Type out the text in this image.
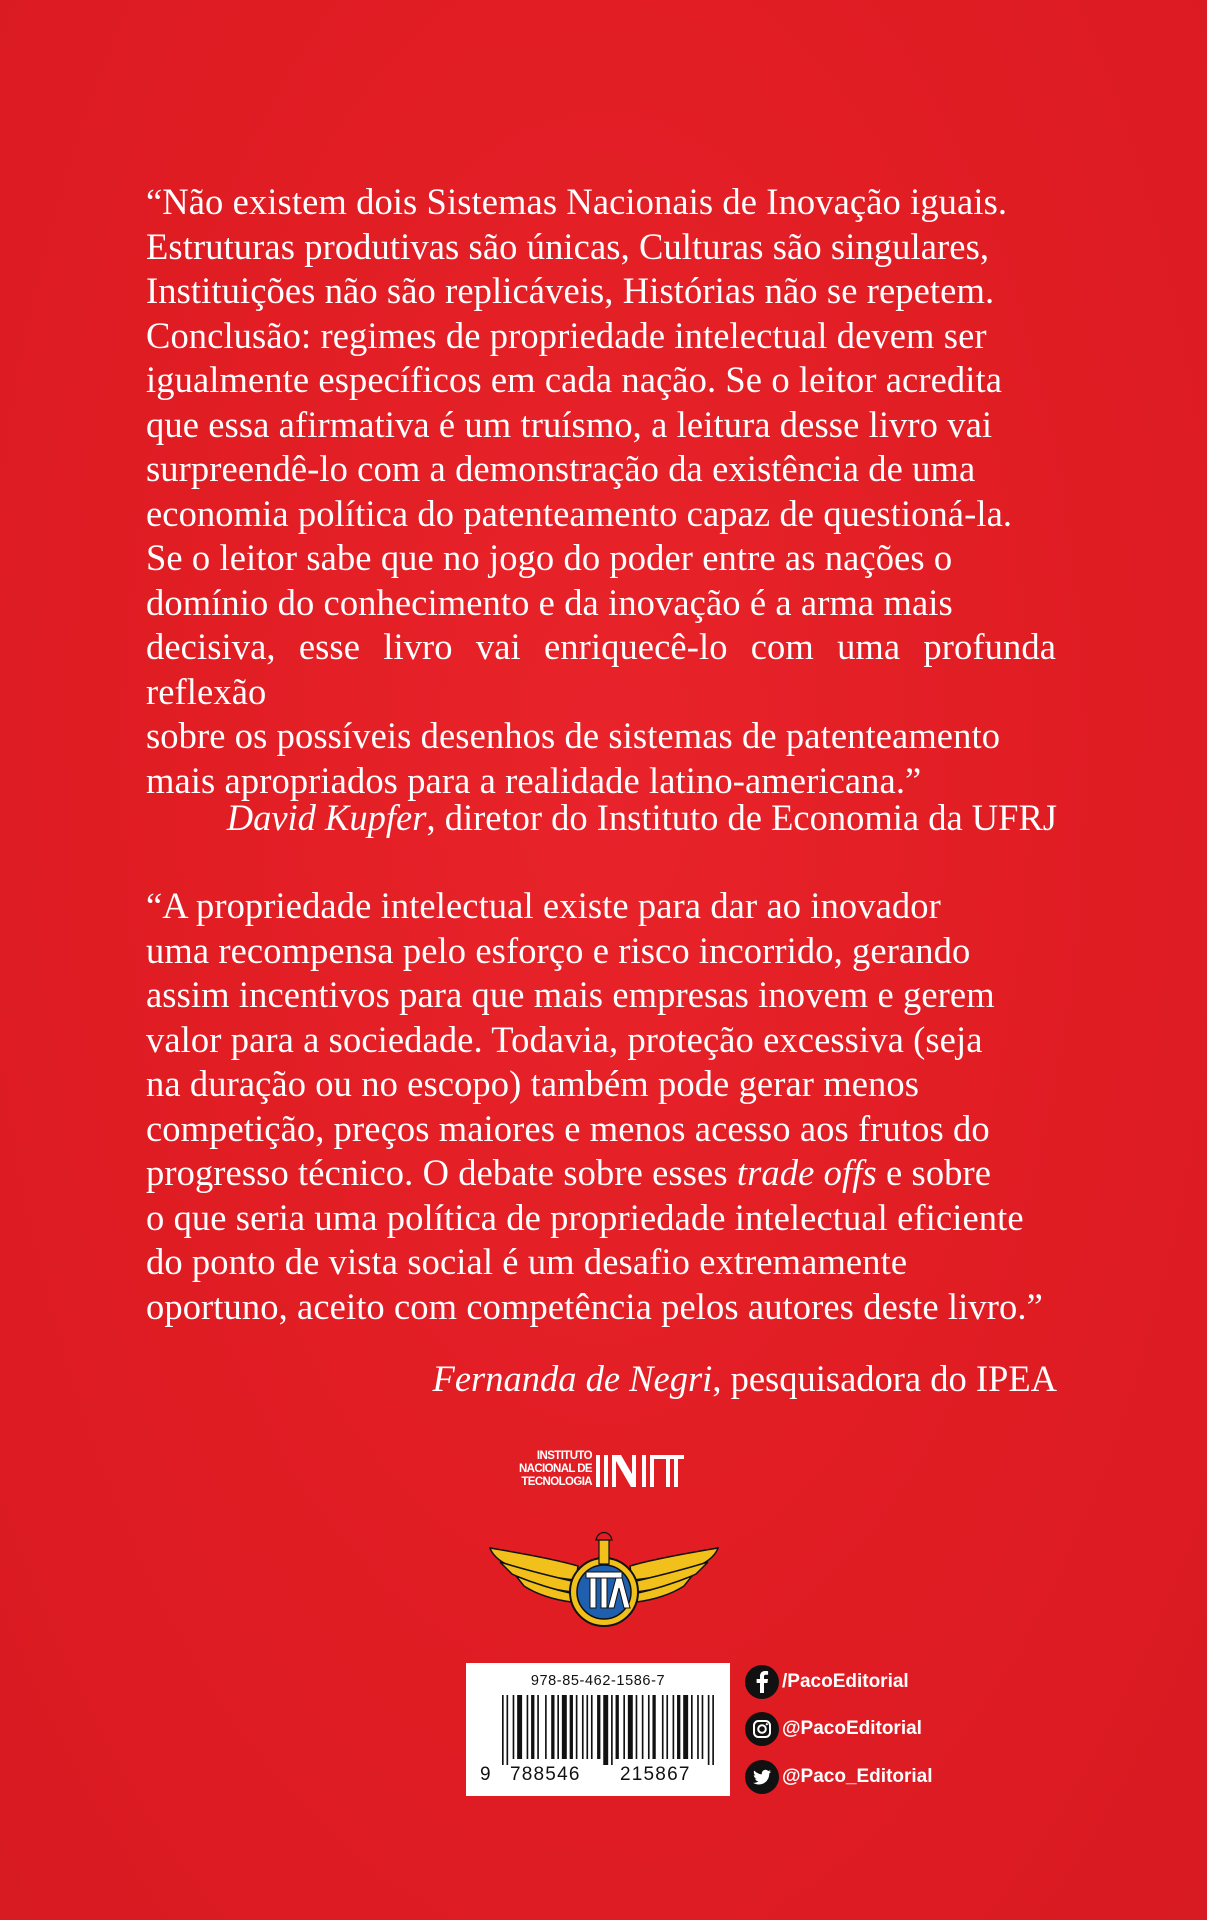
“Não existem dois Sistemas Nacionais de Inovação iguais.

Estruturas produtivas são únicas, Culturas são singulares,

Instituições não são replicáveis, Histórias não se repetem.

Conclusão: regimes de propriedade intelectual devem ser

igualmente específicos em cada nação. Se o leitor acredita

que essa afirmativa é um truísmo, a leitura desse livro vai

surpreendê-lo com a demonstração da existência de uma

economia política do patenteamento capaz de questioná-la.

Se o leitor sabe que no jogo do poder entre as nações o

domínio do conhecimento e da inovação é a arma mais

decisiva, esse livro vai enriquecê-lo com uma profunda reflexão

sobre os possíveis desenhos de sistemas de patenteamento

mais apropriados para a realidade latino-americana.”

David Kupfer, diretor do Instituto de Economia da UFRJ

“A propriedade intelectual existe para dar ao inovador

uma recompensa pelo esforço e risco incorrido, gerando

assim incentivos para que mais empresas inovem e gerem

valor para a sociedade. Todavia, proteção excessiva (seja

na duração ou no escopo) também pode gerar menos

competição, preços maiores e menos acesso aos frutos do

progresso técnico. O debate sobre esses trade offs e sobre

o que seria uma política de propriedade intelectual eficiente

do ponto de vista social é um desafio extremamente

oportuno, aceito com competência pelos autores deste livro.”

Fernanda de Negri, pesquisadora do IPEA
INSTITUTO
NACIONAL DE
TECNOLOGIA
978-85-462-1586-7
9 788546 215867
/PacoEditorial
@PacoEditorial
@Paco_Editorial
